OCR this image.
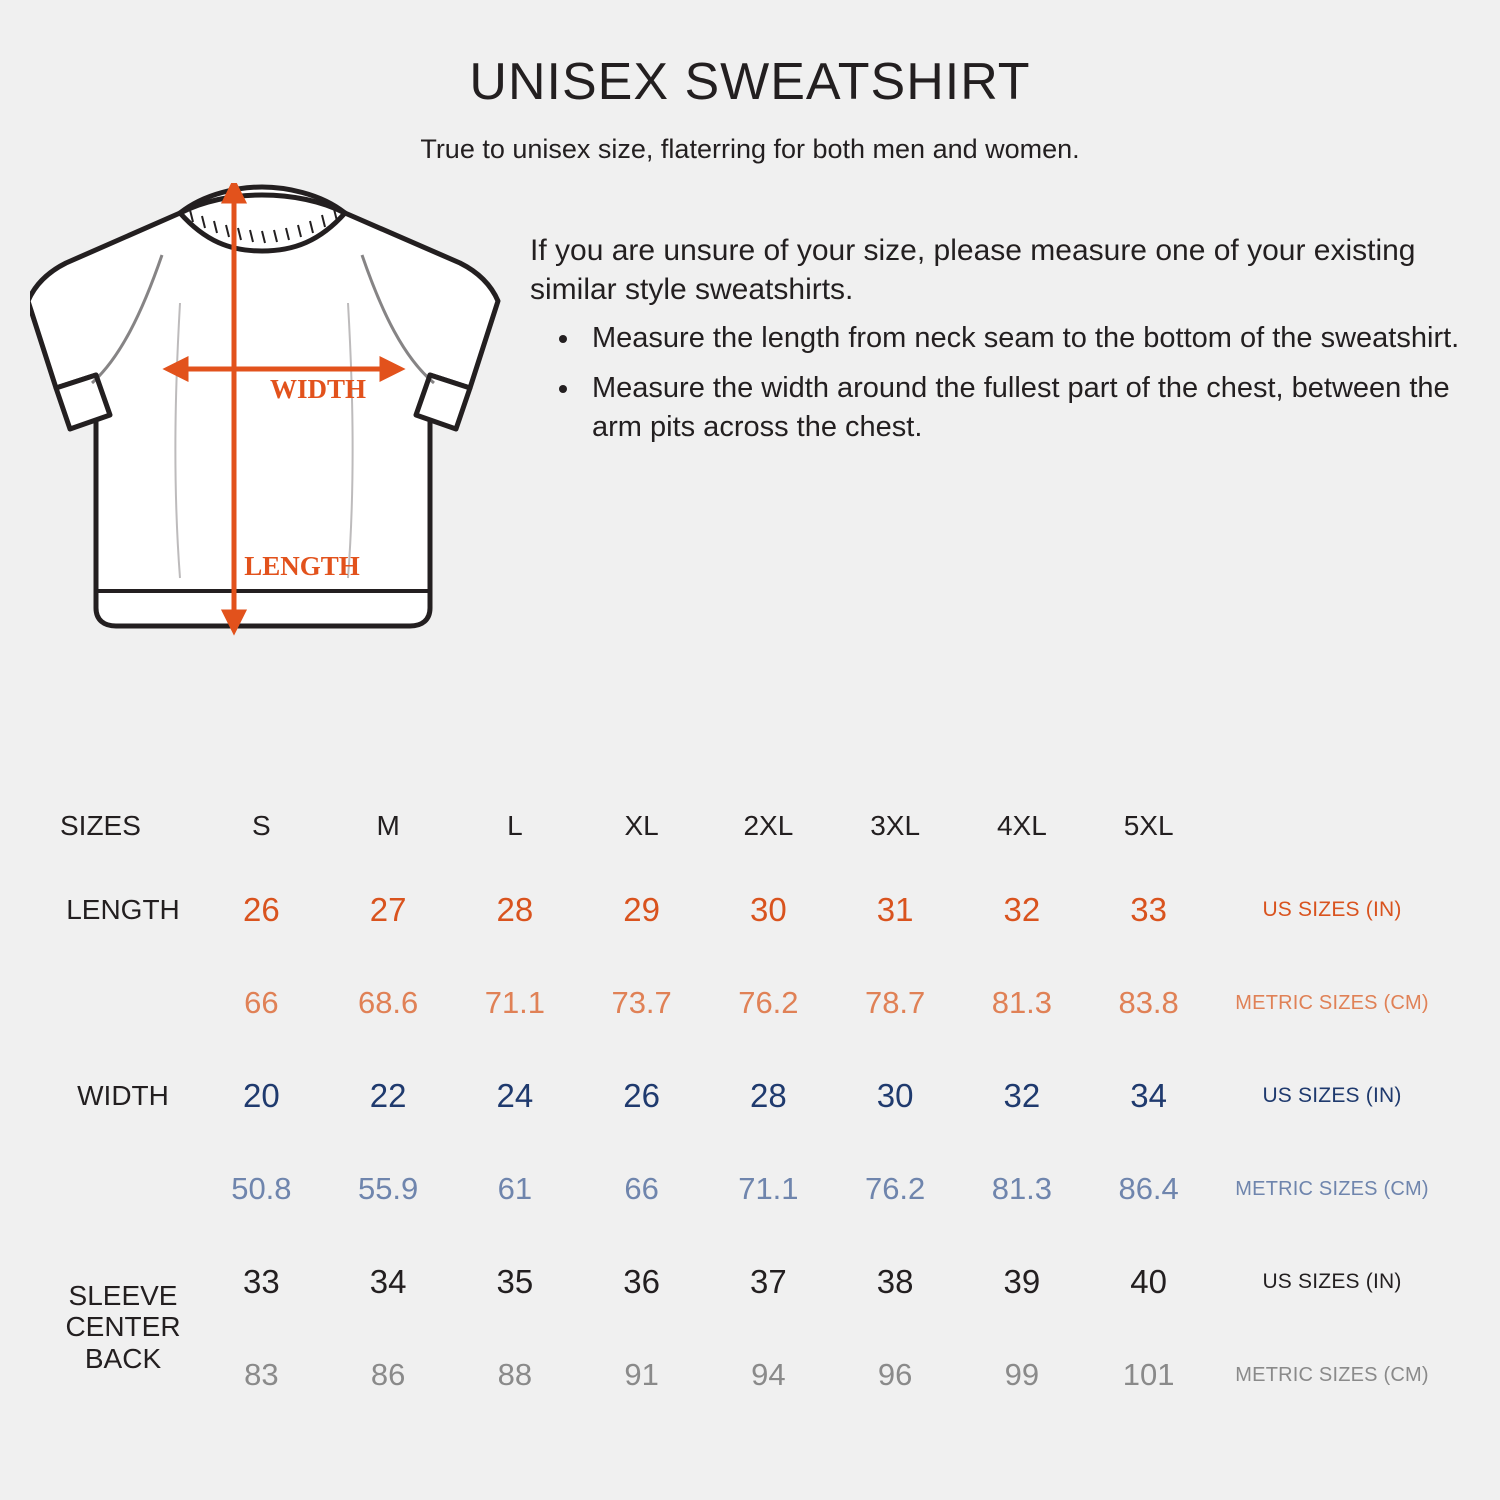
UNISEX SWEATSHIRT
True to unisex size, flaterring for both men and women.
WIDTH
LENGTH

If you are unsure of your size, please measure one of your existing similar style sweatshirts.

• Measure the length from neck seam to the bottom of the sweatshirt.
• Measure the width around the fullest part of the chest, between the arm pits across the chest.
SIZES	S	M	L	XL	2XL	3XL	4XL	5XL	
LENGTH	26	27	28	29	30	31	32	33	US SIZES (IN)
	66	68.6	71.1	73.7	76.2	78.7	81.3	83.8	METRIC SIZES (CM)
WIDTH	20	22	24	26	28	30	32	34	US SIZES (IN)
	50.8	55.9	61	66	71.1	76.2	81.3	86.4	METRIC SIZES (CM)

SLEEVE
CENTER
BACK	33	34	35	36	37	38	39	40	US SIZES (IN)
	83	86	88	91	94	96	99	101	METRIC SIZES (CM)
